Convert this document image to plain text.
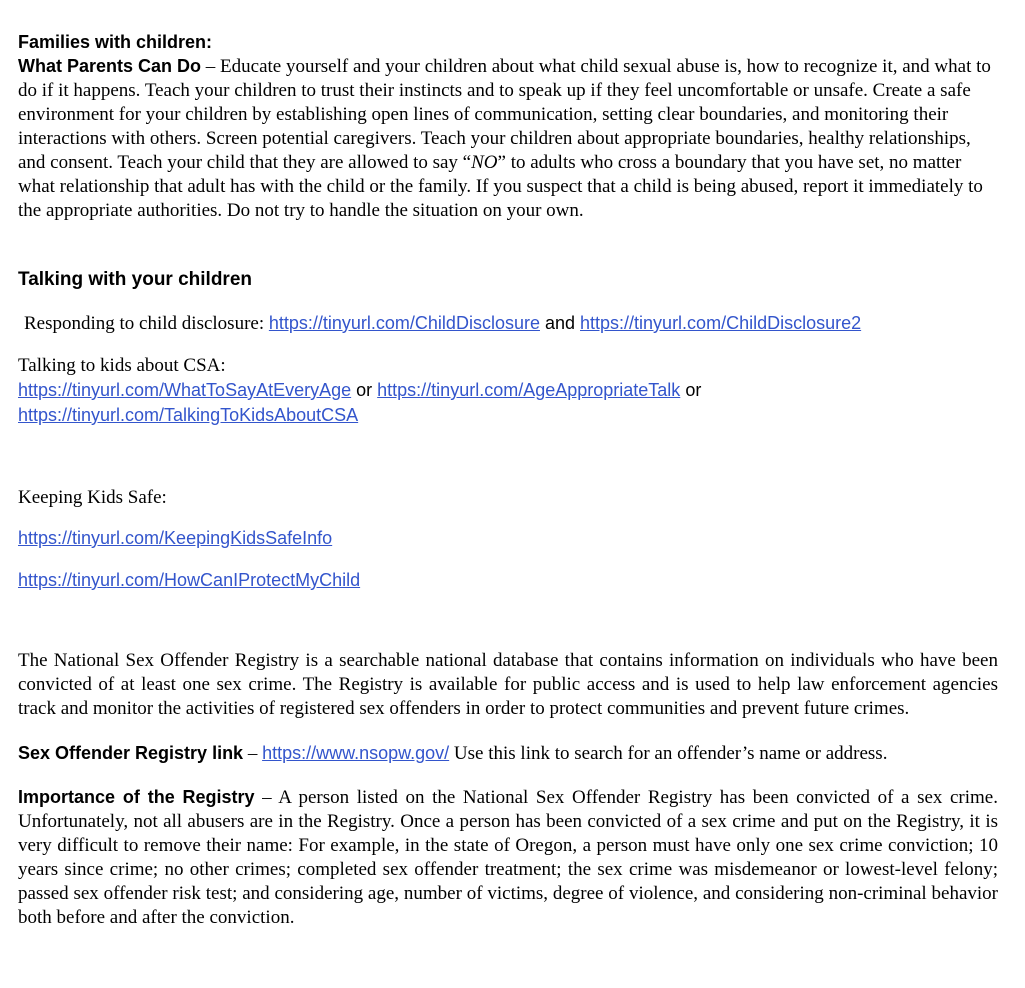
Families with children:

What Parents Can Do – Educate yourself and your children about what child sexual abuse is, how to recognize it, and what to do if it happens. Teach your children to trust their instincts and to speak up if they feel uncomfortable or unsafe. Create a safe environment for your children by establishing open lines of communication, setting clear boundaries, and monitoring their interactions with others. Screen potential caregivers. Teach your children about appropriate boundaries, healthy relationships, and consent. Teach your child that they are allowed to say “NO” to adults who cross a boundary that you have set, no matter what relationship that adult has with the child or the family. If you suspect that a child is being abused, report it immediately to the appropriate authorities. Do not try to handle the situation on your own.

Talking with your children

Responding to child disclosure: https://tinyurl.com/ChildDisclosure and https://tinyurl.com/ChildDisclosure2

Talking to kids about CSA:

https://tinyurl.com/WhatToSayAtEveryAge or https://tinyurl.com/AgeAppropriateTalk or
https://tinyurl.com/TalkingToKidsAboutCSA

Keeping Kids Safe:

https://tinyurl.com/KeepingKidsSafeInfo

https://tinyurl.com/HowCanIProtectMyChild

The National Sex Offender Registry is a searchable national database that contains information on individuals who have been convicted of at least one sex crime. The Registry is available for public access and is used to help law enforcement agencies track and monitor the activities of registered sex offenders in order to protect communities and prevent future crimes.

Sex Offender Registry link – https://www.nsopw.gov/ Use this link to search for an offender’s name or address.

Importance of the Registry – A person listed on the National Sex Offender Registry has been convicted of a sex crime. Unfortunately, not all abusers are in the Registry. Once a person has been convicted of a sex crime and put on the Registry, it is very difficult to remove their name: For example, in the state of Oregon, a person must have only one sex crime conviction; 10 years since crime; no other crimes; completed sex offender treatment; the sex crime was misdemeanor or lowest-level felony; passed sex offender risk test; and considering age, number of victims, degree of violence, and considering non-criminal behavior both before and after the conviction.
